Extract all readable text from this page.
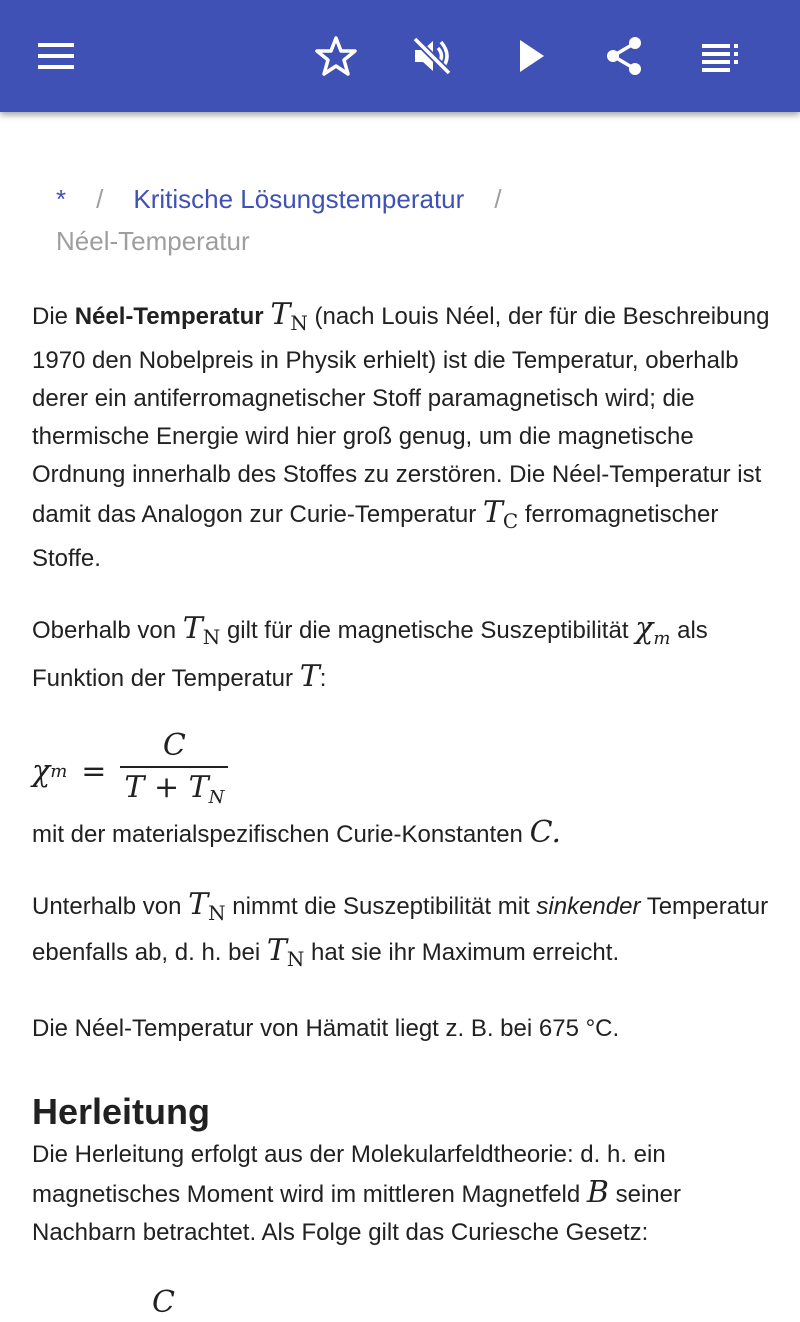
* / Kritische Lösungstemperatur /
Néel-Temperatur

Die Néel-Temperatur $T_N$ (nach Louis Néel, der für die Beschreibung 1970 den Nobelpreis in Physik erhielt) ist die Temperatur, oberhalb derer ein antiferromagnetischer Stoff paramagnetisch wird; die thermische Energie wird hier groß genug, um die magnetische Ordnung innerhalb des Stoffes zu zerstören. Die Néel-Temperatur ist damit das Analogon zur Curie-Temperatur $T_C$ ferromagnetischer Stoffe.

Oberhalb von $T_N$ gilt für die magnetische Suszeptibilität $\chi_m$ als Funktion der Temperatur T:

χ $m = \frac{C}{T + T_N}$

mit der materialspezifischen Curie-Konstanten C.

Unterhalb von $T_N$ nimmt die Suszeptibilität mit sinkender Temperatur ebenfalls ab, d. h. bei $T_N$ hat sie ihr Maximum erreicht.

Die Néel-Temperatur von Hämatit liegt z. B. bei 675 °C.

Herleitung

Die Herleitung erfolgt aus der Molekularfeldtheorie: d. h. ein magnetisches Moment wird im mittleren Magnetfeld B seiner Nachbarn betrachtet. Als Folge gilt das Curiesche Gesetz:

C
